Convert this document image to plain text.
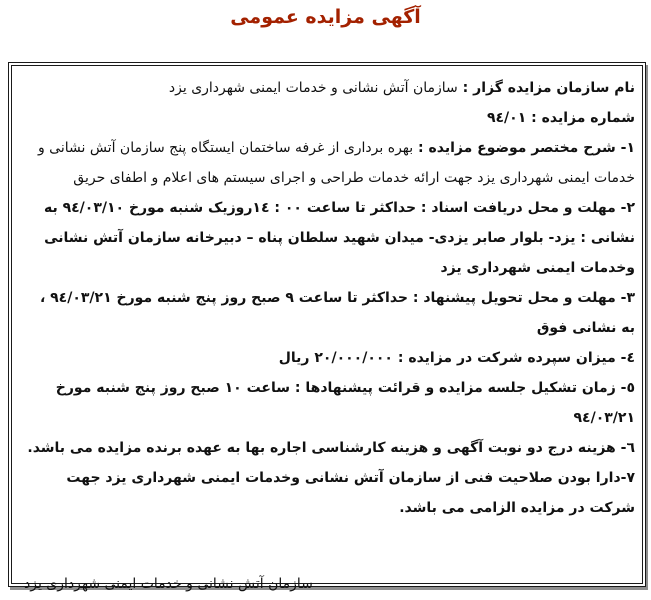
آگهی مزایده عمومی

نام سازمان مزایده گزار : سازمان آتش نشانی و خدمات ایمنی شهرداری یزد

شماره مزایده : ٩٤/٠١

١- شرح مختصر موضوع مزایده : بهره برداری از غرفه ساختمان ایستگاه پنج سازمان آتش نشانی و خدمات ایمنی شهرداری یزد جهت ارائه خدمات طراحی و اجرای سیستم های اعلام و اطفای حریق

٢- مهلت و محل دریافت اسناد : حداکثر تا ساعت ٠٠ : ١٤روزیک شنبه مورخ ٩٤/٠٣/١٠ به نشانی : یزد- بلوار صابر یزدی- میدان شهید سلطان پناه – دبیرخانه سازمان آتش نشانی وخدمات ایمنی شهرداری یزد

٣- مهلت و محل تحویل پیشنهاد : حداکثر تا ساعت ٩ صبح روز پنج شنبه مورخ ٩٤/٠٣/٢١ ، به نشانی فوق

٤- میزان سپرده شرکت در مزایده : ٢٠/٠٠٠/٠٠٠ ریال

٥- زمان تشکیل جلسه مزایده و قرائت پیشنهادها : ساعت ١٠ صبح روز پنج شنبه مورخ ٩٤/٠٣/٢١

٦- هزینه درج دو نوبت آگهی و هزینه کارشناسی اجاره بها به عهده برنده مزایده می باشد.

٧-دارا بودن صلاحیت فنی از سازمان آتش نشانی وخدمات ایمنی شهرداری یزد جهت شرکت در مزایده الزامی می باشد.

سازمان آتش نشانی و خدمات ایمنی شهرداری یزد
